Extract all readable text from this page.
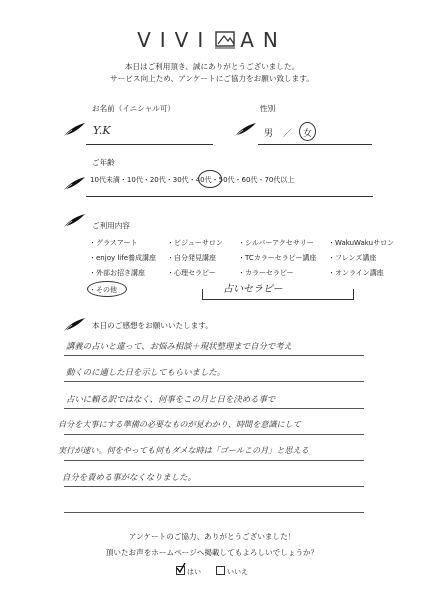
VIVI AN
本日はご利用頂き、誠にありがとうございました。
サービス向上ため、アンケートにご協力をお願い致します。
お名前（イニシャル可）
Y.K
性別
男 ／ 女
ご年齢
10代未満・10代・20代・30代・40代・50代・60代・70代以上
ご利用内容
・グラスアート	・ビジューサロン ・シルバーアクセサリー ・WakuWakuサロン
・enjoy life養成講座 ・自分発見講座	・TCカラーセラピー講座 ・フレンズ講座
・外部お招き講座	・心理セラピー	・カラーセラピー	・オンライン講座
・その他	占いセラピー
本日のご感想をお願いいたします。
講義の占いと違って、お悩み相談＋現状整理まで自分で考え
動くのに適した日を示してもらいました。
占いに頼る訳ではなく、何事をこの月と日を決める事で
自分を大事にする準備の必要なものが見わかり、時間を意識にして
実行が速い。何をやっても何もダメな時は「ゴールこの月」と思える
自分を責める事がなくなりました。
アンケートのご協力、ありがとうございました！
頂いたお声をホームページへ掲載してもよろしいでしょうか？
はい	いいえ
